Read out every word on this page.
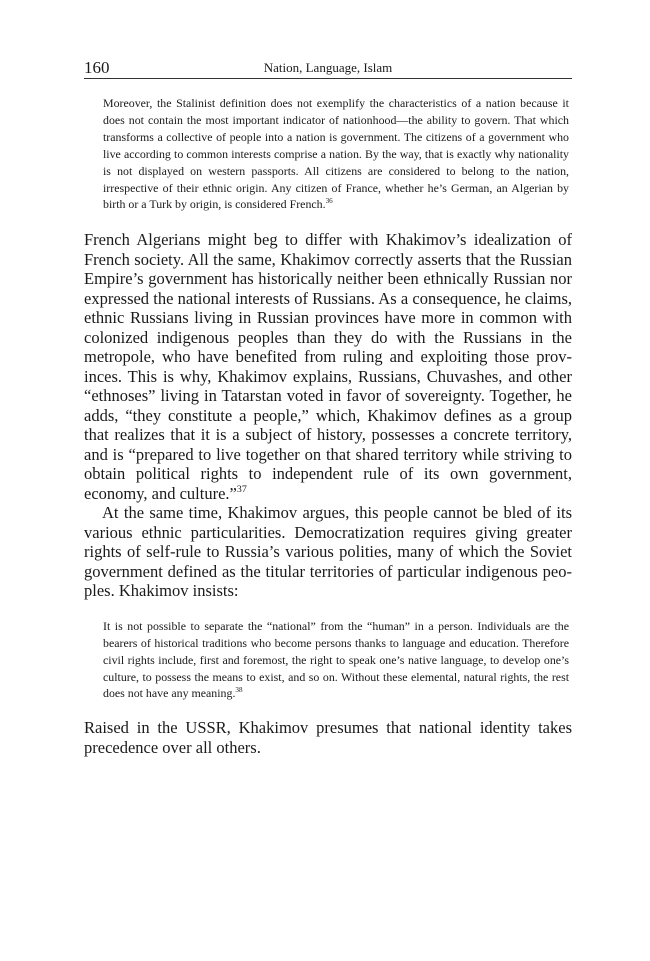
160	Nation, Language, Islam

Moreover, the Stalinist definition does not exemplify the characteristics of a nation because it does not contain the most important indicator of nationhood—the ability to govern. That which transforms a collective of people into a nation is government. The citizens of a government who live according to common interests comprise a nation. By the way, that is exactly why nationality is not displayed on western passports. All citizens are considered to belong to the nation, irrespective of their ethnic origin. Any citizen of France, whether he’s German, an Algerian by birth or a Turk by origin, is considered French.$^{36}$

French Algerians might beg to differ with Khakimov’s idealization of French society. All the same, Khakimov correctly asserts that the Russian Empire’s government has historically neither been ethnically Russian nor expressed the national interests of Russians. As a consequence, he claims, ethnic Russians living in Russian provinces have more in common with colonized indigenous peoples than they do with the Russians in the metropole, who have benefited from ruling and exploiting those prov-inces. This is why, Khakimov explains, Russians, Chuvashes, and other “ethnoses” living in Tatarstan voted in favor of sovereignty. Together, he adds, “they constitute a people,” which, Khakimov defines as a group that realizes that it is a subject of history, possesses a concrete territory, and is “prepared to live together on that shared territory while striving to obtain political rights to independent rule of its own government, economy, and culture.”$^{37}$

At the same time, Khakimov argues, this people cannot be bled of its various ethnic particularities. Democratization requires giving greater rights of self-rule to Russia’s various polities, many of which the Soviet government defined as the titular territories of particular indigenous peo-ples. Khakimov insists:

It is not possible to separate the “national” from the “human” in a person. Individuals are the bearers of historical traditions who become persons thanks to language and education. Therefore civil rights include, first and foremost, the right to speak one’s native language, to develop one’s culture, to possess the means to exist, and so on. Without these elemental, natural rights, the rest does not have any meaning.$^{38}$

Raised in the USSR, Khakimov presumes that national identity takes precedence over all others.
